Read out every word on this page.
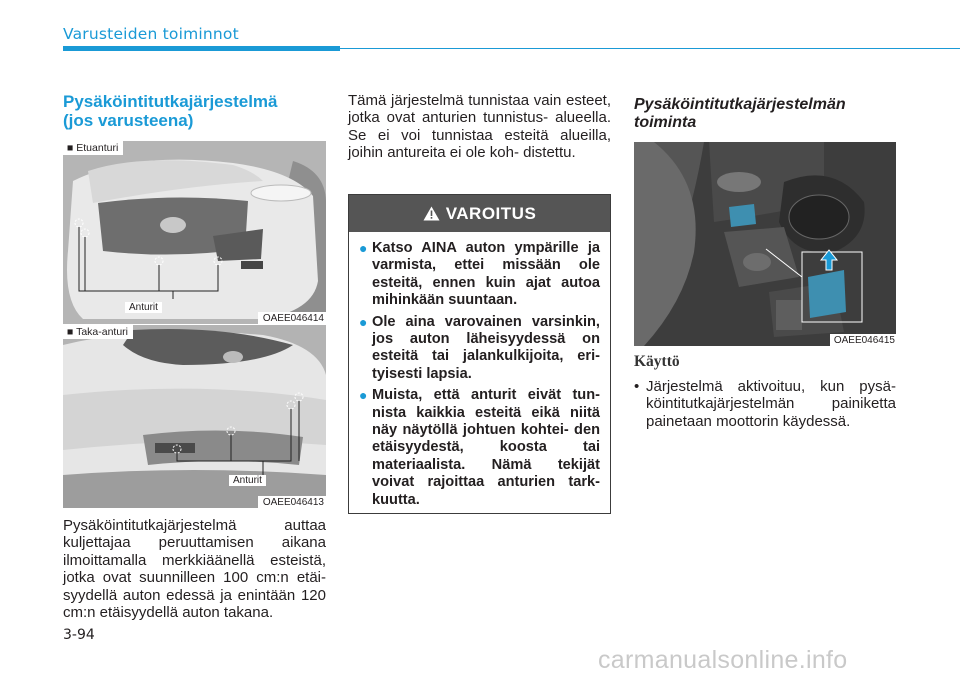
Varusteiden toiminnot
Pysäköintitutkajärjestelmä
(jos varusteena)
■ Etuanturi
Anturit
OAEE046414
■ Taka-anturi
Anturit
OAEE046413

Pysäköintitutkajärjestelmä auttaa kuljettajaa peruuttamisen aikana ilmoittamalla merkkiäänellä esteistä, jotka ovat suunnilleen 100 cm:n etäi- syydellä auton edessä ja enintään 120 cm:n etäisyydellä auton takana.

Tämä järjestelmä tunnistaa vain esteet, jotka ovat anturien tunnistus- alueella. Se ei voi tunnistaa esteitä alueilla, joihin antureita ei ole koh- distettu.

VAROITUS
● Katso AINA auton ympärille ja varmista, ettei missään ole esteitä, ennen kuin ajat autoa mihinkään suuntaan.
● Ole aina varovainen varsinkin, jos auton läheisyydessä on esteitä tai jalankulkijoita, eri- tyisesti lapsia.
● Muista, että anturit eivät tun- nista kaikkia esteitä eikä niitä näy näytöllä johtuen kohtei- den etäisyydestä, koosta tai materiaalista. Nämä tekijät voivat rajoittaa anturien tark- kuutta.
Pysäköintitutkajärjestelmän
toiminta
OAEE046415
Käyttö
• Järjestelmä aktivoituu, kun pysä- köintitutkajärjestelmän painiketta painetaan moottorin käydessä.
3-94
carmanualsonline.info
